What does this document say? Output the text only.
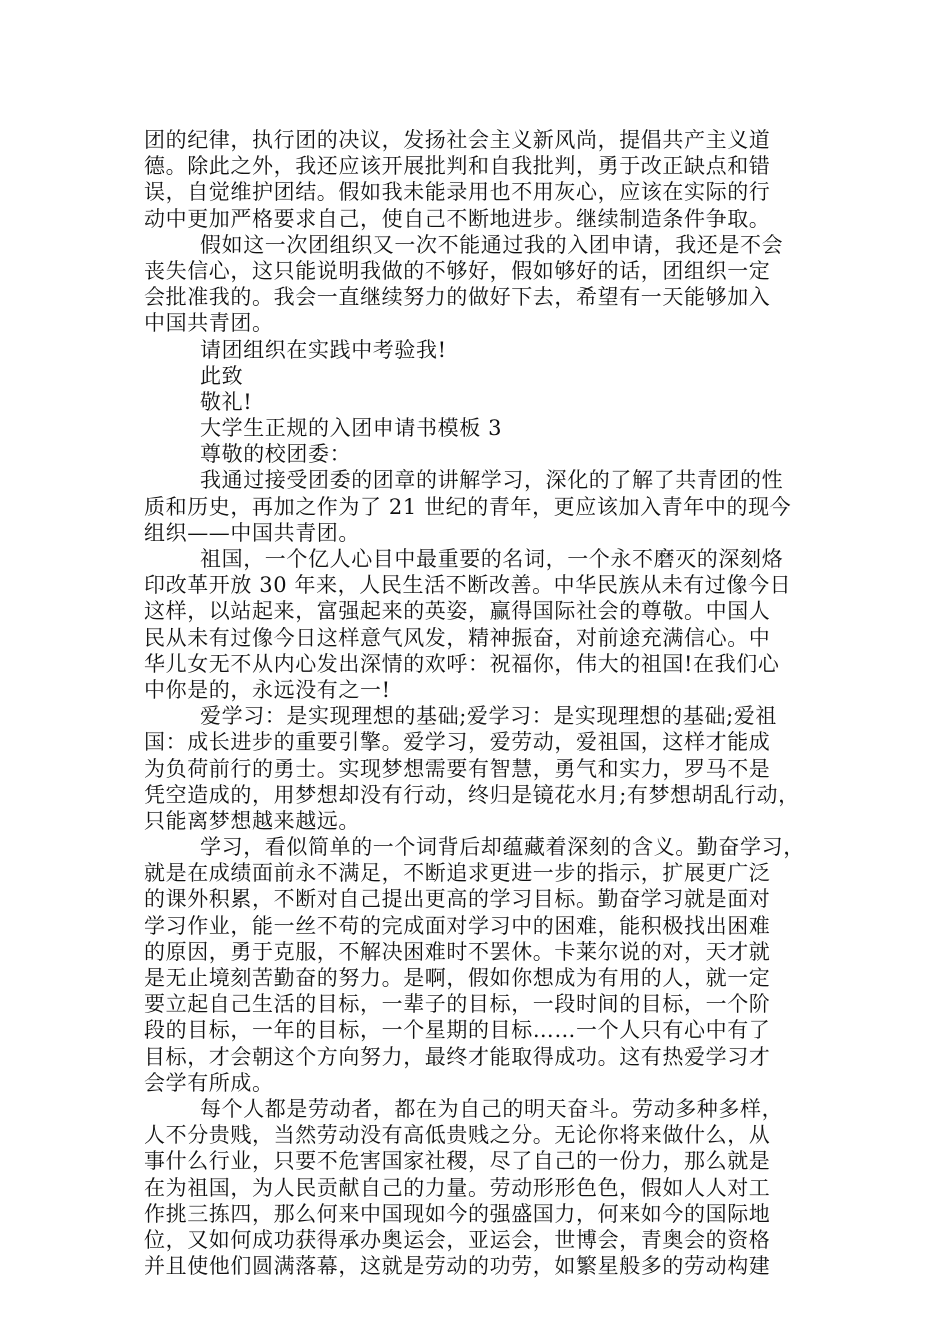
团的纪律，执行团的决议，发扬社会主义新风尚，提倡共产主义道
德。除此之外，我还应该开展批判和自我批判，勇于改正缺点和错
误，自觉维护团结。假如我未能录用也不用灰心，应该在实际的行
动中更加严格要求自己，使自己不断地进步。继续制造条件争取。
假如这一次团组织又一次不能通过我的入团申请，我还是不会
丧失信心，这只能说明我做的不够好，假如够好的话，团组织一定
会批准我的。我会一直继续努力的做好下去，希望有一天能够加入
中国共青团。
请团组织在实践中考验我!
此致
敬礼!
大学生正规的入团申请书模板 3
尊敬的校团委：
我通过接受团委的团章的讲解学习，深化的了解了共青团的性
质和历史，再加之作为了 21 世纪的青年，更应该加入青年中的现今
组织——中国共青团。
祖国，一个亿人心目中最重要的名词，一个永不磨灭的深刻烙
印改革开放 30 年来，人民生活不断改善。中华民族从未有过像今日
这样，以站起来，富强起来的英姿，赢得国际社会的尊敬。中国人
民从未有过像今日这样意气风发，精神振奋，对前途充满信心。中
华儿女无不从内心发出深情的欢呼：祝福你，伟大的祖国!在我们心
中你是的，永远没有之一!
爱学习：是实现理想的基础;爱学习：是实现理想的基础;爱祖
国：成长进步的重要引擎。爱学习，爱劳动，爱祖国，这样才能成
为负荷前行的勇士。实现梦想需要有智慧，勇气和实力，罗马不是
凭空造成的，用梦想却没有行动，终归是镜花水月;有梦想胡乱行动，
只能离梦想越来越远。
学习，看似简单的一个词背后却蕴藏着深刻的含义。勤奋学习，
就是在成绩面前永不满足，不断追求更进一步的指示，扩展更广泛
的课外积累，不断对自己提出更高的学习目标。勤奋学习就是面对
学习作业，能一丝不苟的完成面对学习中的困难，能积极找出困难
的原因，勇于克服，不解决困难时不罢休。卡莱尔说的对，天才就
是无止境刻苦勤奋的努力。是啊，假如你想成为有用的人，就一定
要立起自己生活的目标，一辈子的目标，一段时间的目标，一个阶
段的目标，一年的目标，一个星期的目标……一个人只有心中有了
目标，才会朝这个方向努力，最终才能取得成功。这有热爱学习才
会学有所成。
每个人都是劳动者，都在为自己的明天奋斗。劳动多种多样，
人不分贵贱，当然劳动没有高低贵贱之分。无论你将来做什么，从
事什么行业，只要不危害国家社稷，尽了自己的一份力，那么就是
在为祖国，为人民贡献自己的力量。劳动形形色色，假如人人对工
作挑三拣四，那么何来中国现如今的强盛国力，何来如今的国际地
位，又如何成功获得承办奥运会，亚运会，世博会，青奥会的资格
并且使他们圆满落幕，这就是劳动的功劳，如繁星般多的劳动构建
